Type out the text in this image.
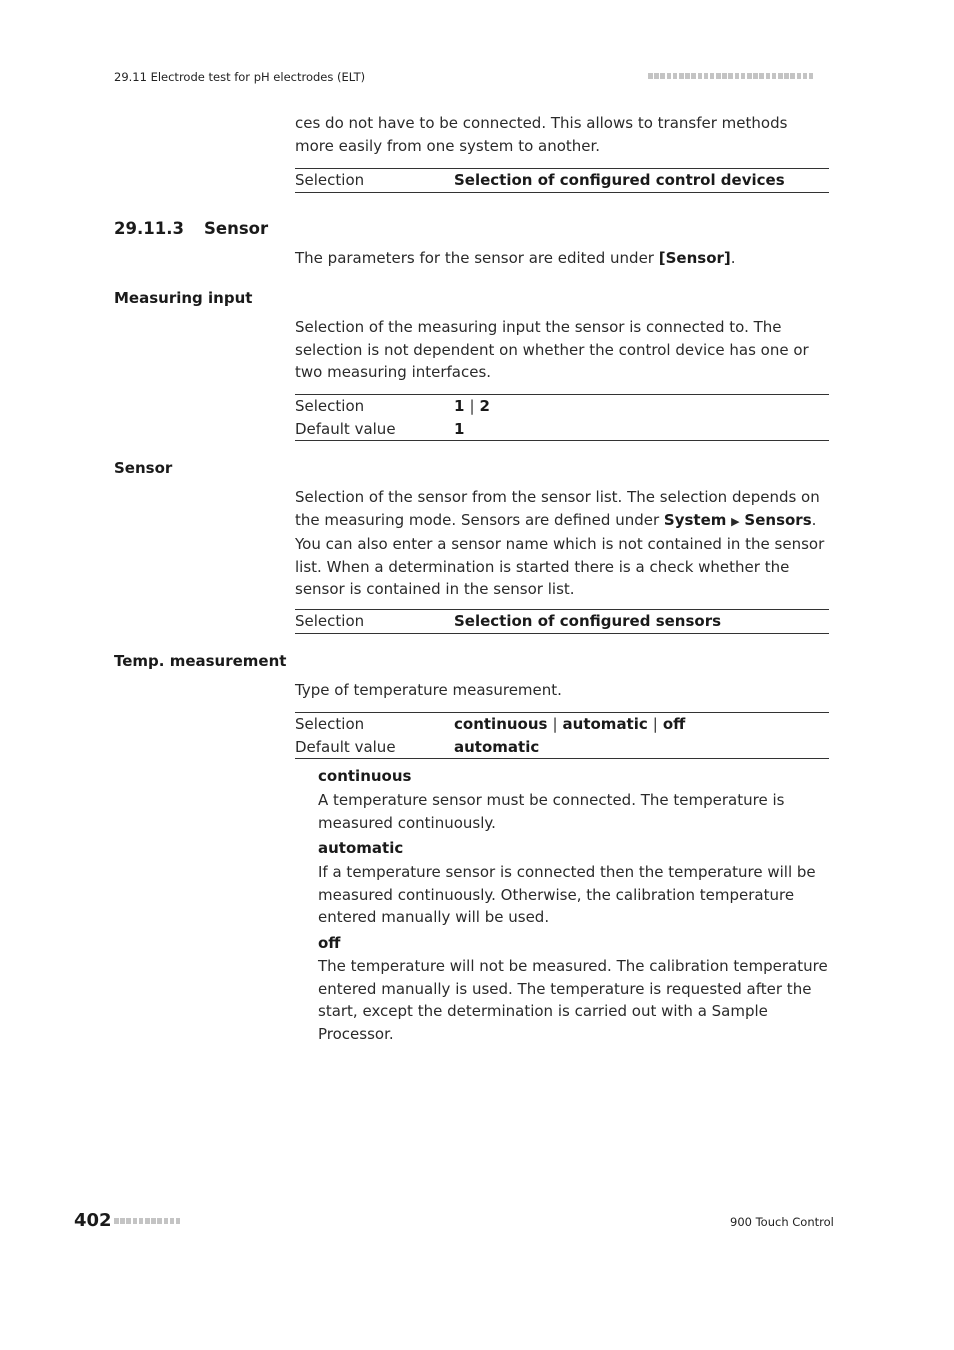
29.11 Electrode test for pH electrodes (ELT)

ces do not have to be connected. This allows to transfer methods more easily from one system to another.

Selection	Selection of configured control devices
29.11.3 Sensor

The parameters for the sensor are edited under [Sensor].

Measuring input

Selection of the measuring input the sensor is connected to. The selection is not dependent on whether the control device has one or two measuring interfaces.

Selection	1 | 2
Default value	1
Sensor

Selection of the sensor from the sensor list. The selection depends on the measuring mode. Sensors are defined under System ▶ Sensors. You can also enter a sensor name which is not contained in the sensor list. When a determination is started there is a check whether the sensor is contained in the sensor list.

Selection	Selection of configured sensors
Temp. measurement

Type of temperature measurement.

Selection	continuous | automatic | off
Default value	automatic
continuous

A temperature sensor must be connected. The temperature is measured continuously.

automatic

If a temperature sensor is connected then the temperature will be measured continuously. Otherwise, the calibration temperature entered manually will be used.

off

The temperature will not be measured. The calibration temperature entered manually is used. The temperature is requested after the start, except the determination is carried out with a Sample Processor.

402	900 Touch Control
